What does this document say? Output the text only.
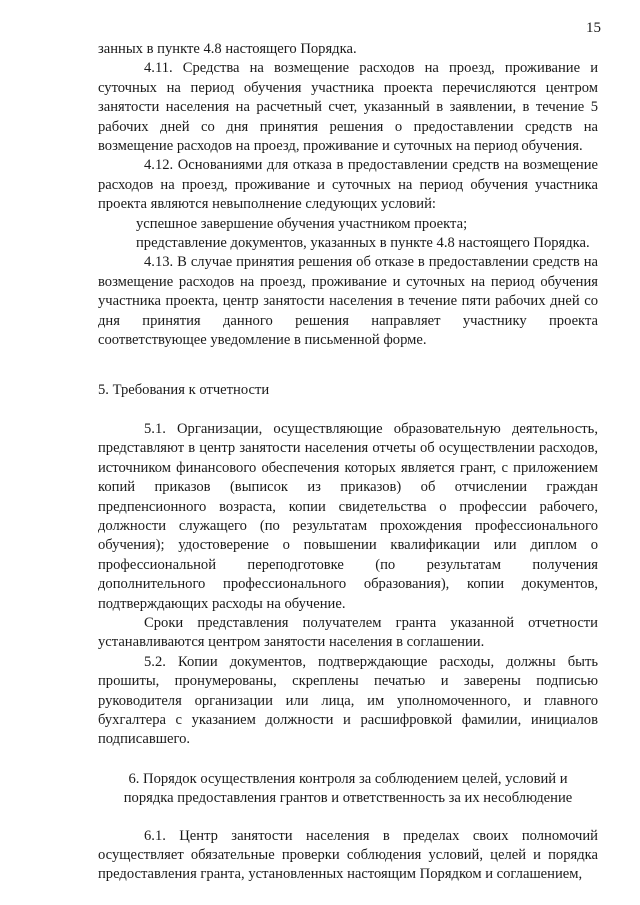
15

занных в пункте 4.8 настоящего Порядка.

4.11. Средства на возмещение расходов на проезд, проживание и суточных на период обучения участника проекта перечисляются центром занятости населения на расчетный счет, указанный в заявлении, в течение 5 рабочих дней со дня принятия решения о предоставлении средств на возмещение расходов на проезд, проживание и суточных на период обучения.

4.12. Основаниями для отказа в предоставлении средств на возмещение расходов на проезд, проживание и суточных на период обучения участника проекта являются невыполнение следующих условий:

успешное завершение обучения участником проекта;

представление документов, указанных в пункте 4.8 настоящего Порядка.

4.13. В случае принятия решения об отказе в предоставлении средств на возмещение расходов на проезд, проживание и суточных на период обучения участника проекта, центр занятости населения в течение пяти рабочих дней со дня принятия данного решения направляет участнику проекта соответствующее уведомление в письменной форме.

5. Требования к отчетности

5.1. Организации, осуществляющие образовательную деятельность, представляют в центр занятости населения отчеты об осуществлении расходов, источником финансового обеспечения которых является грант, с приложением копий приказов (выписок из приказов) об отчислении граждан предпенсионного возраста, копии свидетельства о профессии рабочего, должности служащего (по результатам прохождения профессионального обучения); удостоверение о повышении квалификации или диплом о профессиональной переподготовке (по результатам получения дополнительного профессионального образования), копии документов, подтверждающих расходы на обучение.

Сроки представления получателем гранта указанной отчетности устанавливаются центром занятости населения в соглашении.

5.2. Копии документов, подтверждающие расходы, должны быть прошиты, пронумерованы, скреплены печатью и заверены подписью руководителя организации или лица, им уполномоченного, и главного бухгалтера с указанием должности и расшифровкой фамилии, инициалов подписавшего.

6. Порядок осуществления контроля за соблюдением целей, условий и
порядка предоставления грантов и ответственность за их несоблюдение

6.1. Центр занятости населения в пределах своих полномочий осуществляет обязательные проверки соблюдения условий, целей и порядка предоставления гранта, установленных настоящим Порядком и соглашением,
